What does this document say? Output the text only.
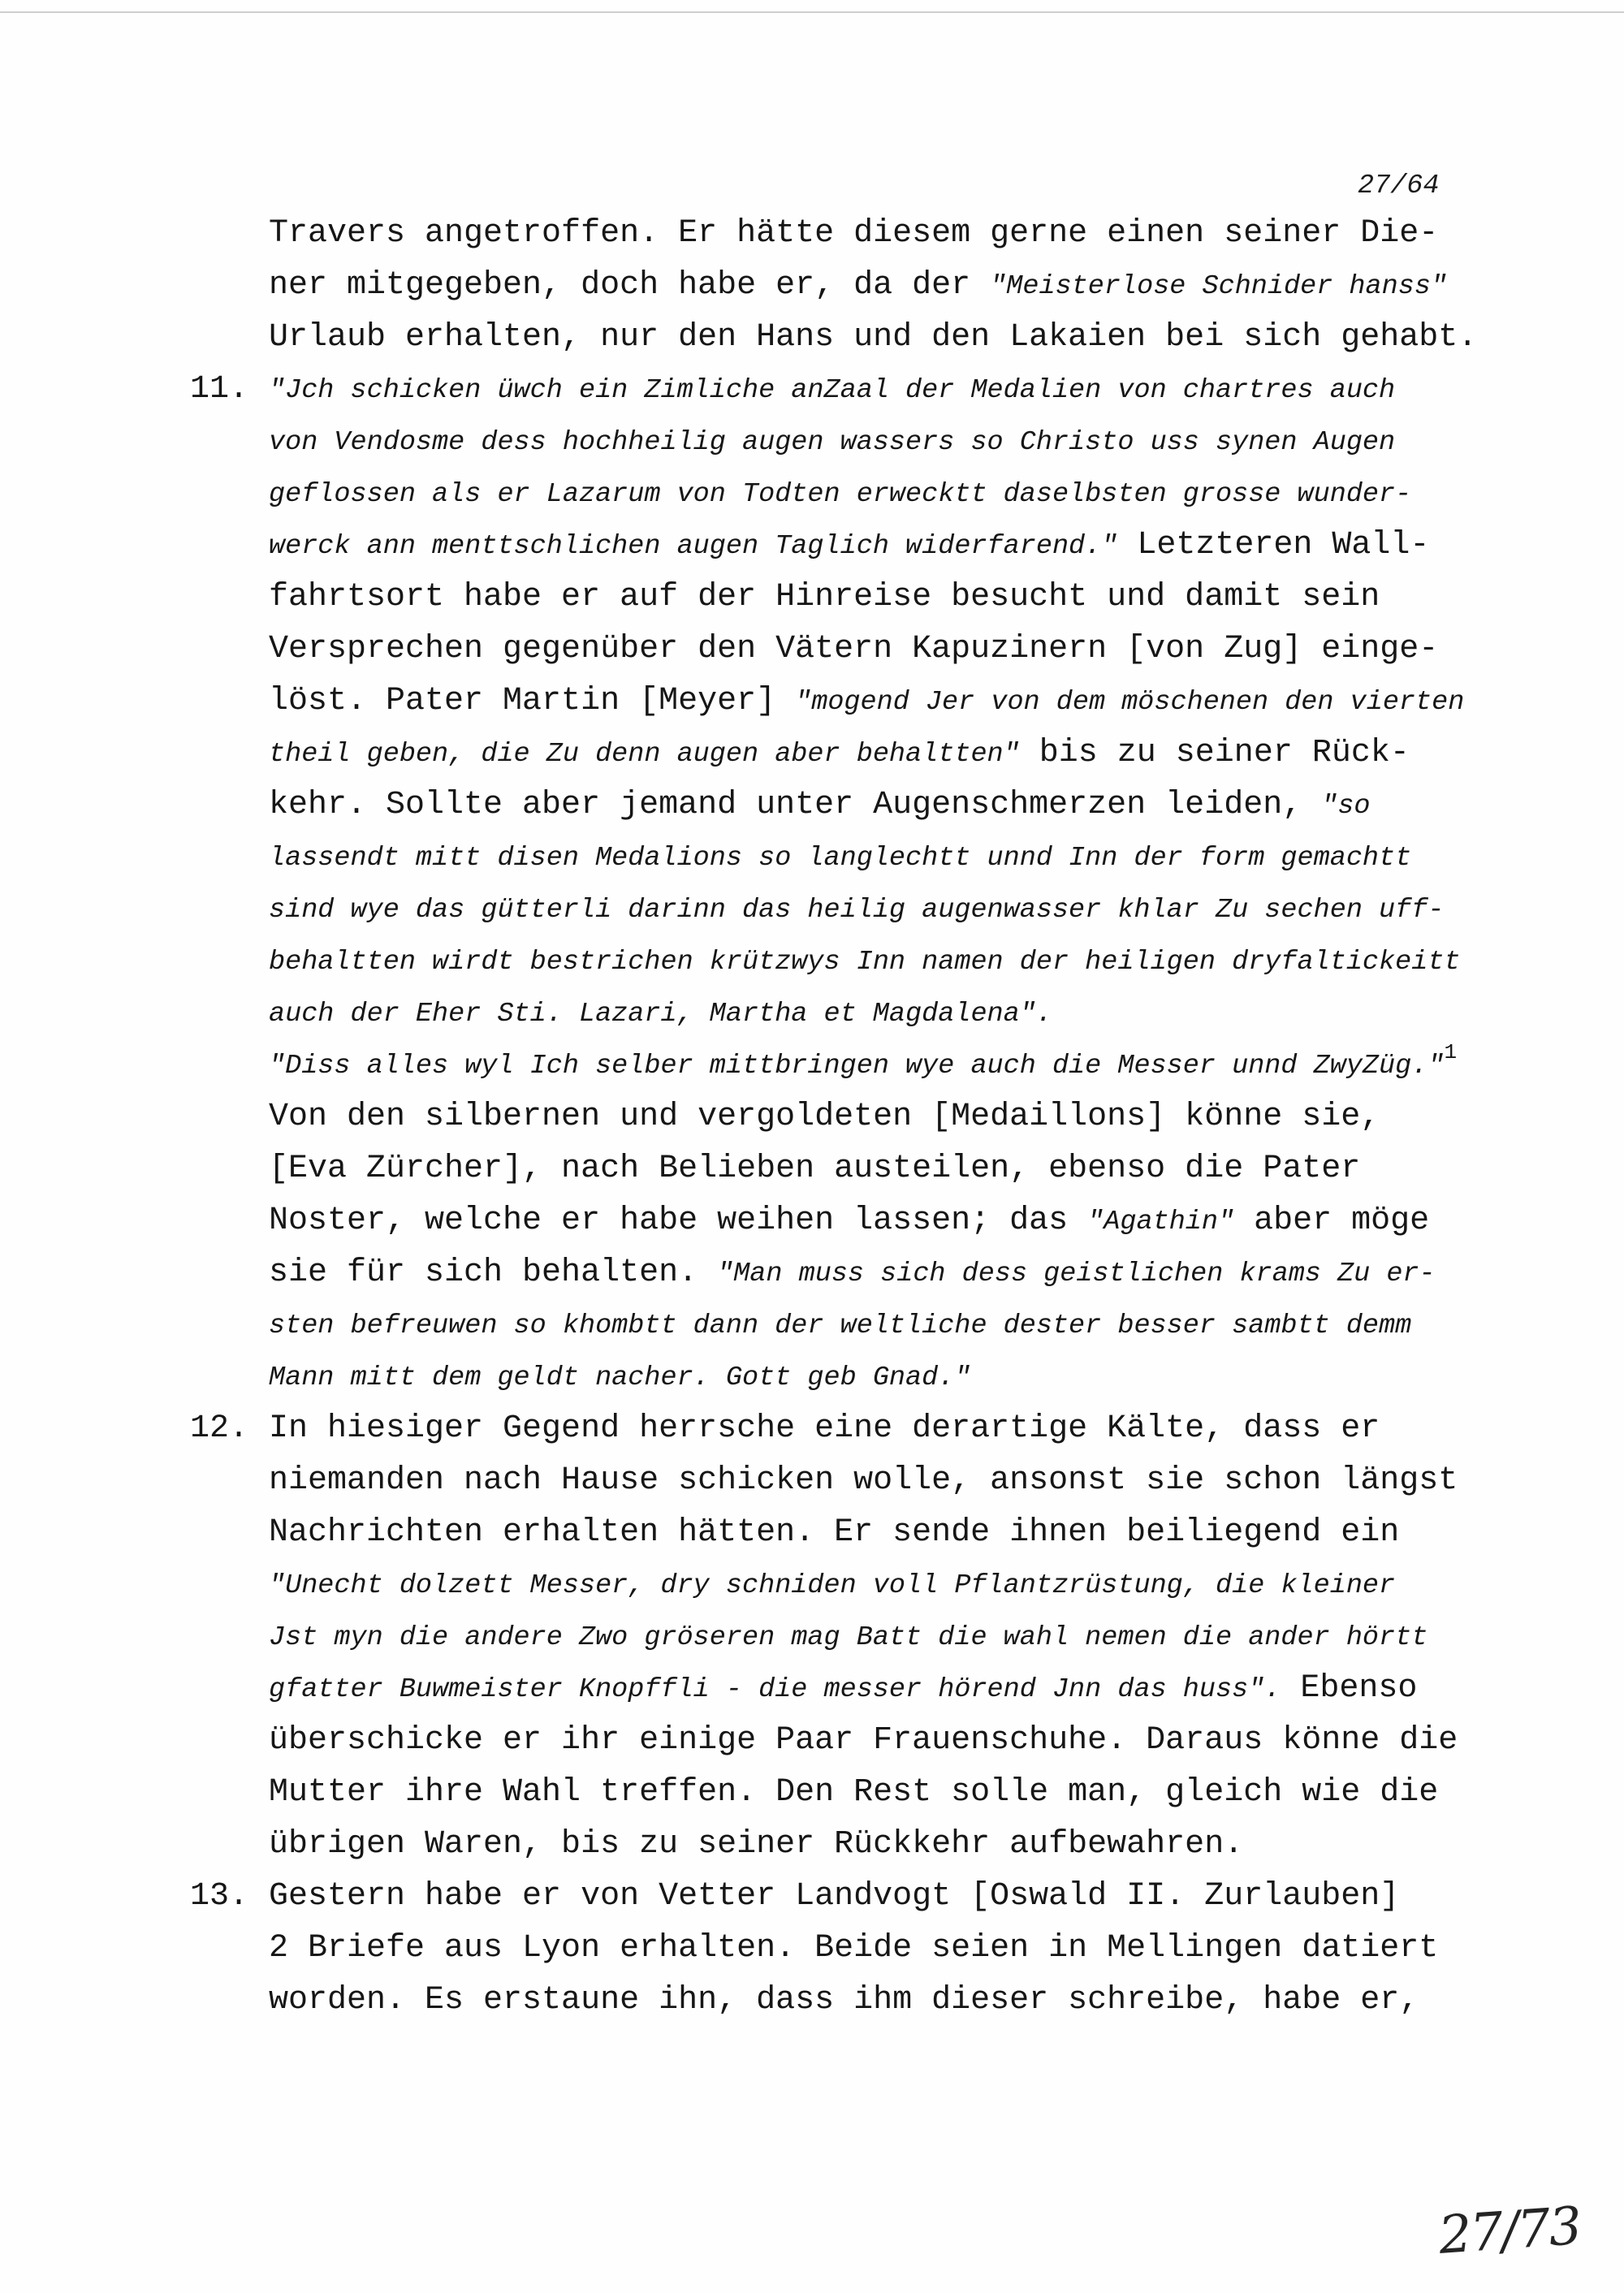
27/64
Travers angetroffen. Er hätte diesem gerne einen seiner Die-
ner mitgegeben, doch habe er, da der "Meisterlose Schnider hanss"
Urlaub erhalten, nur den Hans und den Lakaien bei sich gehabt.
11. "Jch schicken üwch ein Zimliche anZaal der Medalien von chartres auch
von Vendosme dess hochheilig augen wassers so Christo uss synen Augen
geflossen als er Lazarum von Todten erwecktt daselbsten grosse wunder-
werck ann menttschlichen augen Taglich widerfarend." Letzteren Wall-
fahrtsort habe er auf der Hinreise besucht und damit sein
Versprechen gegenüber den Vätern Kapuzinern [von Zug] einge-
löst. Pater Martin [Meyer] "mogend Jer von dem möschenen den vierten
theil geben, die Zu denn augen aber behaltten" bis zu seiner Rück-
kehr. Sollte aber jemand unter Augenschmerzen leiden, "so
lassendt mitt disen Medalions so langlechtt unnd Inn der form gemachtt
sind wye das gütterli darinn das heilig augenwasser khlar Zu sechen uff-
behaltten wirdt bestrichen krützwys Inn namen der heiligen dryfaltickeitt
auch der Eher Sti. Lazari, Martha et Magdalena".
"Diss alles wyl Ich selber mittbringen wye auch die Messer unnd ZwyZüg."$^1$
Von den silbernen und vergoldeten [Medaillons] könne sie,
[Eva Zürcher], nach Belieben austeilen, ebenso die Pater
Noster, welche er habe weihen lassen; das "Agathin" aber möge
sie für sich behalten. "Man muss sich dess geistlichen krams Zu er-
sten befreuwen so khombtt dann der weltliche dester besser sambtt demm
Mann mitt dem geldt nacher. Gott geb Gnad."
12. In hiesiger Gegend herrsche eine derartige Kälte, dass er
niemanden nach Hause schicken wolle, ansonst sie schon längst
Nachrichten erhalten hätten. Er sende ihnen beiliegend ein
"Unecht dolzett Messer, dry schniden voll Pflantzrüstung, die kleiner
Jst myn die andere Zwo gröseren mag Batt die wahl nemen die ander hörtt
gfatter Buwmeister Knopffli - die messer hörend Jnn das huss". Ebenso
überschicke er ihr einige Paar Frauenschuhe. Daraus könne die
Mutter ihre Wahl treffen. Den Rest solle man, gleich wie die
übrigen Waren, bis zu seiner Rückkehr aufbewahren.
13. Gestern habe er von Vetter Landvogt [Oswald II. Zurlauben]
2 Briefe aus Lyon erhalten. Beide seien in Mellingen datiert
worden. Es erstaune ihn, dass ihm dieser schreibe, habe er,
27/73
